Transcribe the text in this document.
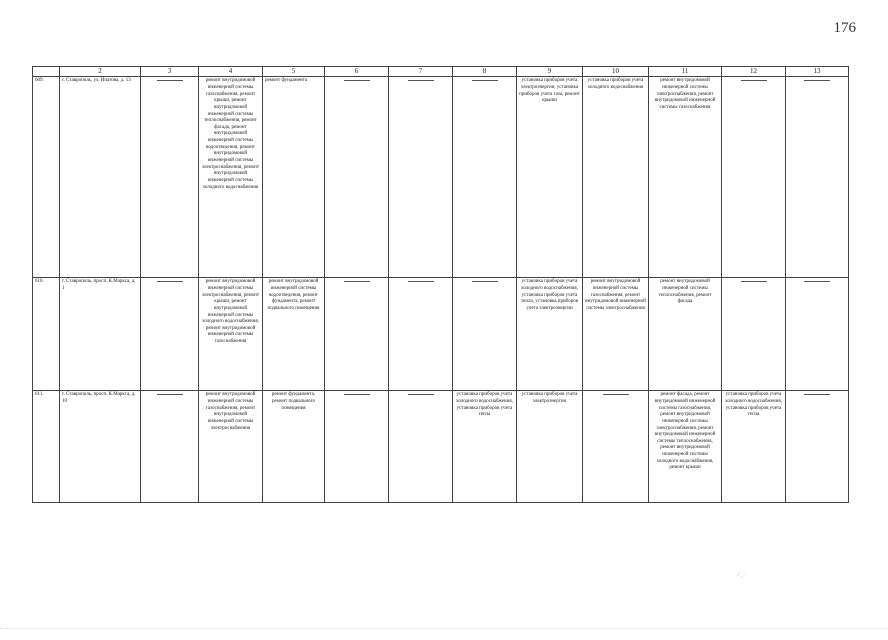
176
	2	3	4	5	6	7	8	9	10	11	12	13
609.	г. Ставрополь, ул. Ипатова, д. 13		ремонт внутридомовой инженерной системы газоснабжения, ремонт крыши, ремонт внутридомовой инженерной системы теплоснабжения, ремонт фасада, ремонт внутридомовой инженерной системы водоотведения, ремонт внутридомовой инженерной системы электроснабжения, ремонт внутридомовой инженерной системы холодного водоснабжения	ремонт фундамента				установка приборов учета электроэнергии, установка приборов учета газа, ремонт крыши	установка приборов учета холодного водоснабжения	ремонт внутридомовой инженерной системы электроснабжения, ремонт внутридомовой инженерной системы газоснабжения		
610.	г. Ставрополь, просп. К.Маркса, д. 1		ремонт внутридомовой инженерной системы электроснабжения, ремонт крыши, ремонт внутридомовой инженерной системы холодного водоснабжения, ремонт внутридомовой инженерной системы газоснабжения	ремонт внутридомовой инженерной системы водоотведения, ремонт фундамента, ремонт подвального помещения				установка приборов учета холодного водоснабжения, установка приборов учета тепла, установка приборов учета электроэнергии	ремонт внутридомовой инженерной системы газоснабжения, ремонт внутридомовой инженерной системы электроснабжения	ремонт внутридомовой инженерной системы теплоснабжения, ремонт фасада		
611.	г. Ставрополь, просп. К.Маркса, д. 10		ремонт внутридомовой инженерной системы газоснабжения, ремонт внутридомовой инженерной системы электроснабжения	ремонт фундамента, ремонт подвального помещения			установка приборов учета холодного водоснабжения, установка приборов учета тепла	установка приборов учета электроэнергии		ремонт фасада, ремонт внутридомовой инженерной системы газоснабжения, ремонт внутридомовой инженерной системы электроснабжения, ремонт внутридомовой инженерной системы теплоснабжения, ремонт внутридомовой инженерной системы холодного водоснабжения, ремонт крыши	установка приборов учета холодного водоснабжения, установка приборов учета тепла	
⁄ ˎ ·
